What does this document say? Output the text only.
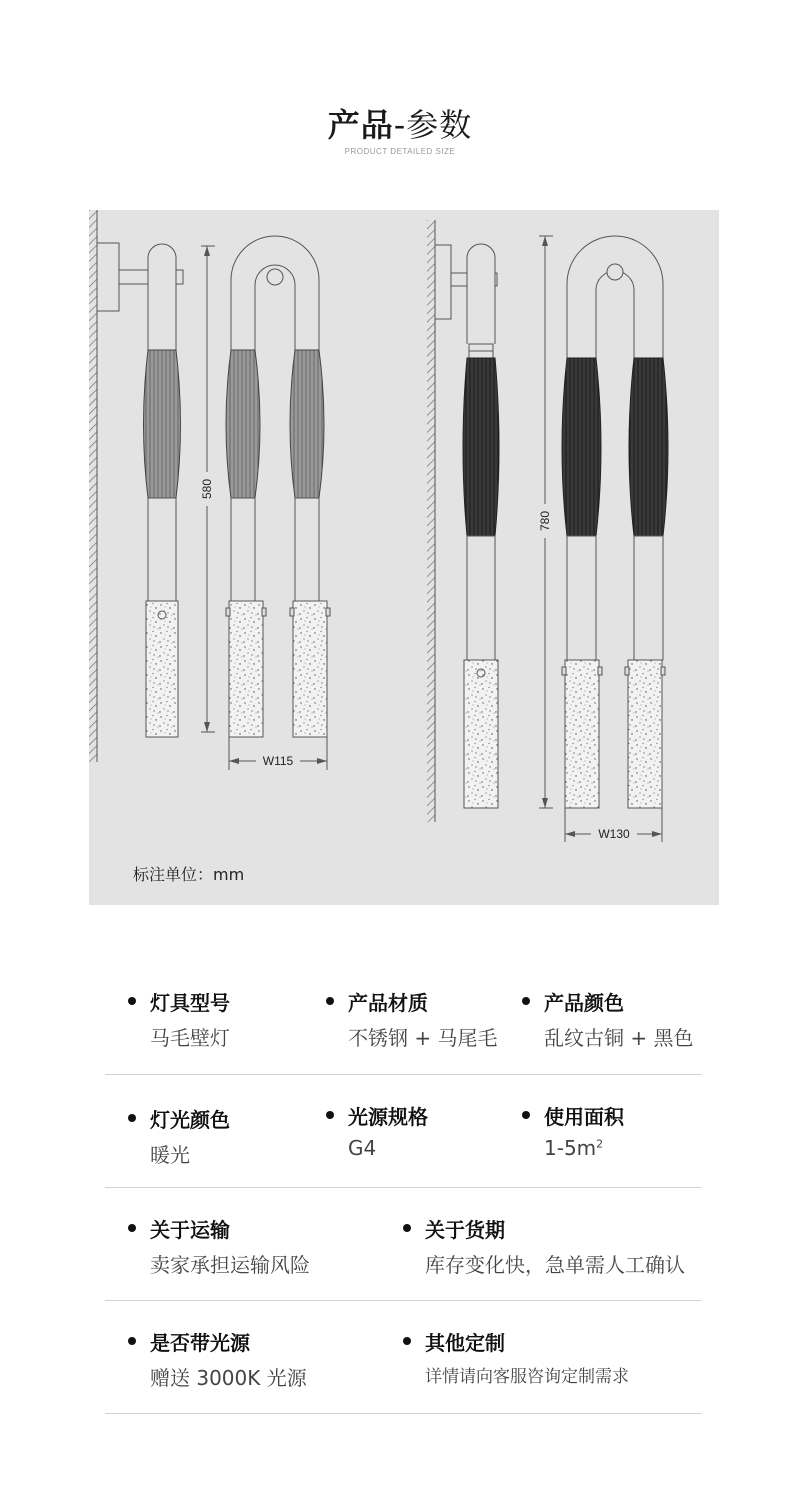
产品-参数
PRODUCT DETAILED SIZE
580
W115
780
W130
标注单位：mm
灯具型号
马毛壁灯
产品材质
不锈钢 + 马尾毛
产品颜色
乱纹古铜 + 黑色
灯光颜色
暖光
光源规格
G4
使用面积
$1-5m^2$
关于运输
卖家承担运输风险
关于货期
库存变化快，急单需人工确认
是否带光源
赠送 3000K 光源
其他定制
详情请向客服咨询定制需求
